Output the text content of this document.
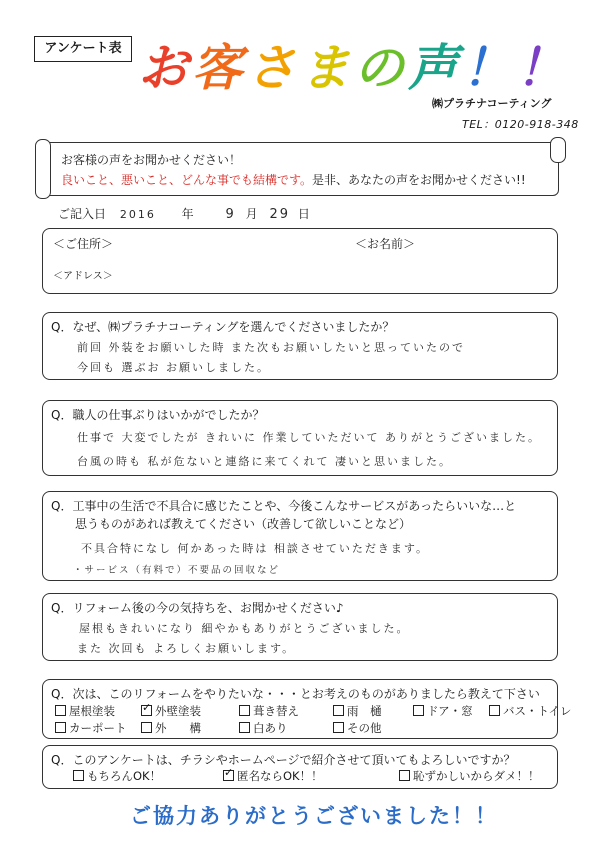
アンケート表 お客さまの声！！
㈱プラチナコーティング
TEL：0120-918-348
お客様の声をお聞かせください！
良いこと、悪いこと、どんな事でも結構です。是非、あなたの声をお聞かせください!!
ご記入日 2016 年 9 月 29 日
＜ご住所＞	＜お名前＞
＜アドレス＞
Q．なぜ、㈱プラチナコーティングを選んでくださいましたか？
前回 外装をお願いした時 また次もお願いしたいと思っていたので
今回も 選ぶお お願いしました。
Q．職人の仕事ぶりはいかがでしたか？
仕事で 大変でしたが きれいに 作業していただいて ありがとうございました。
台風の時も 私が危ないと連絡に来てくれて 凄いと思いました。
Q．工事中の生活で不具合に感じたことや、今後こんなサービスがあったらいいな…と
思うものがあれば教えてください（改善して欲しいことなど）
不具合特になし 何かあった時は 相談させていただきます。
・サービス（有料で）不要品の回収など
Q．リフォーム後の今の気持ちを、お聞かせください♪
屋根もきれいになり 細やかもありがとうございました。
また 次回も よろしくお願いします。
Q．次は、このリフォームをやりたいな・・・とお考えのものがありましたら教えて下さい
屋根塗装 ✓	外壁塗装	葺き替え	雨　樋	ドア・窓	バス・トイレ
カーポート	外　　構	白あり	その他
Q．このアンケートは、チラシやホームページで紹介させて頂いてもよろしいですか？
もちろんOK！ ✓	匿名ならOK！！	恥ずかしいからダメ！！
ご協力ありがとうございました！！
